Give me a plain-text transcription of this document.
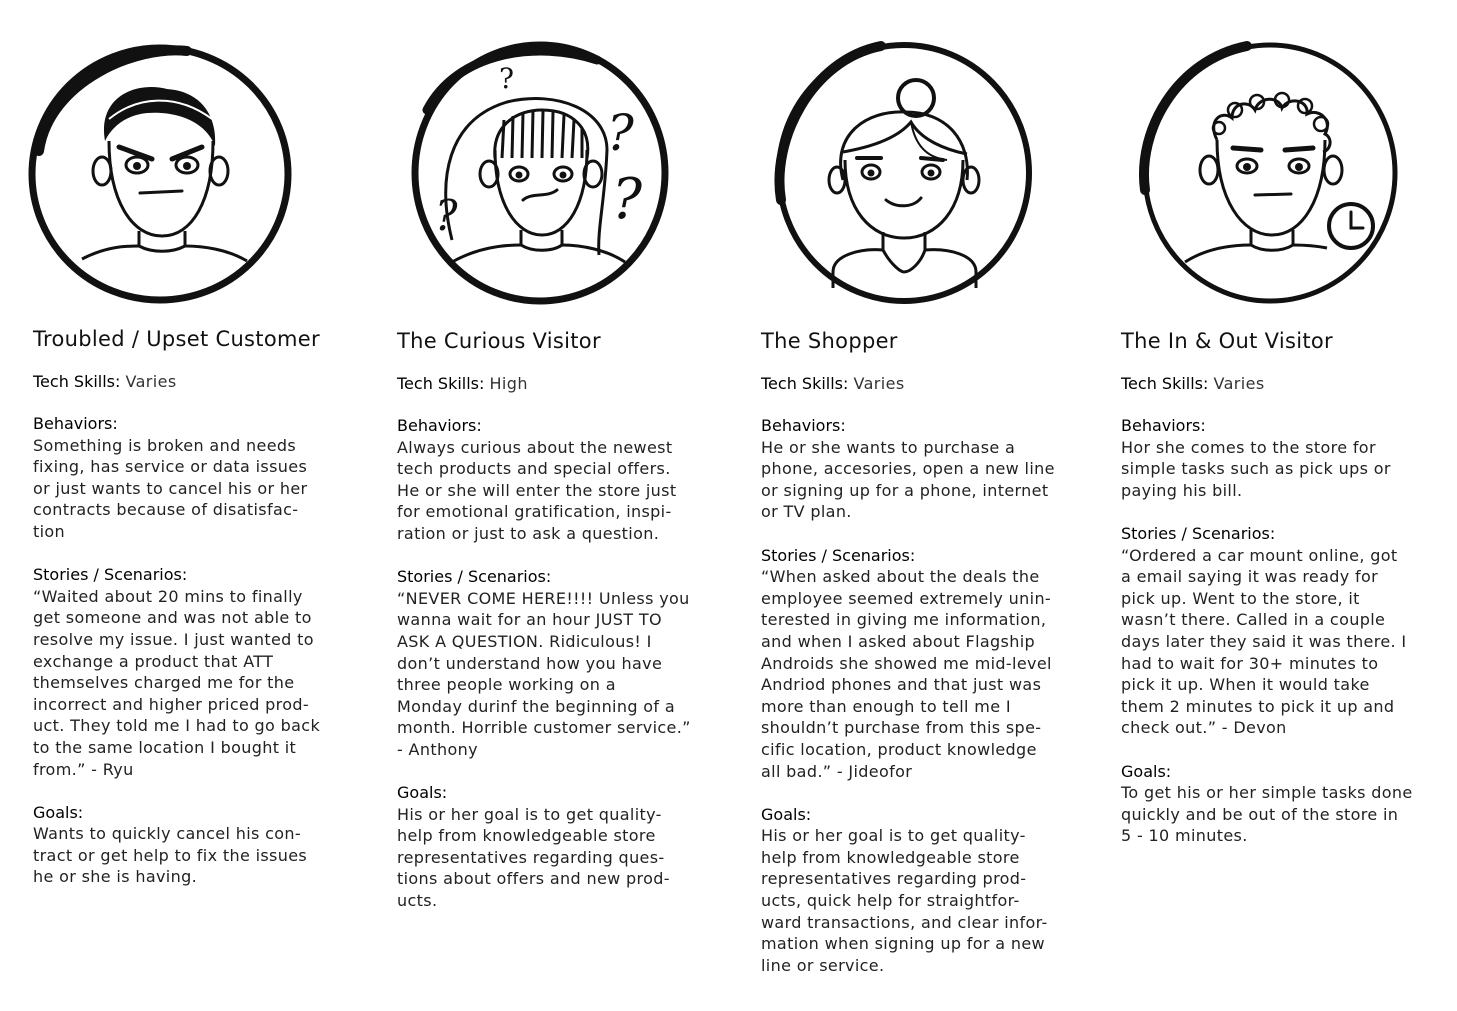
Troubled / Upset Customer
Tech Skills: Varies
Behaviors:
Something is broken and needs
fixing, has service or data issues
or just wants to cancel his or her
contracts because of disatisfac-
tion
Stories / Scenarios:
“Waited about 20 mins to finally
get someone and was not able to
resolve my issue. I just wanted to
exchange a product that ATT
themselves charged me for the
incorrect and higher priced prod-
uct. They told me I had to go back
to the same location I bought it
from.” - Ryu
Goals:
Wants to quickly cancel his con-
tract or get help to fix the issues
he or she is having.
?
?
?
?
The Curious Visitor
Tech Skills: High
Behaviors:
Always curious about the newest
tech products and special offers.
He or she will enter the store just
for emotional gratification, inspi-
ration or just to ask a question.
Stories / Scenarios:
“NEVER COME HERE!!!! Unless you
wanna wait for an hour JUST TO
ASK A QUESTION. Ridiculous! I
don’t understand how you have
three people working on a
Monday durinf the beginning of a
month. Horrible customer service.”
- Anthony
Goals:
His or her goal is to get quality-
help from knowledgeable store
representatives regarding ques-
tions about offers and new prod-
ucts.
The Shopper
Tech Skills: Varies
Behaviors:
He or she wants to purchase a
phone, accesories, open a new line
or signing up for a phone, internet
or TV plan.
Stories / Scenarios:
“When asked about the deals the
employee seemed extremely unin-
terested in giving me information,
and when I asked about Flagship
Androids she showed me mid-level
Andriod phones and that just was
more than enough to tell me I
shouldn’t purchase from this spe-
cific location, product knowledge
all bad.” - Jideofor
Goals:
His or her goal is to get quality-
help from knowledgeable store
representatives regarding prod-
ucts, quick help for straightfor-
ward transactions, and clear infor-
mation when signing up for a new
line or service.
The In & Out Visitor
Tech Skills: Varies
Behaviors:
Hor she comes to the store for
simple tasks such as pick ups or
paying his bill.
Stories / Scenarios:
“Ordered a car mount online, got
a email saying it was ready for
pick up. Went to the store, it
wasn’t there. Called in a couple
days later they said it was there. I
had to wait for 30+ minutes to
pick it up. When it would take
them 2 minutes to pick it up and
check out.” - Devon
Goals:
To get his or her simple tasks done
quickly and be out of the store in
5 - 10 minutes.
